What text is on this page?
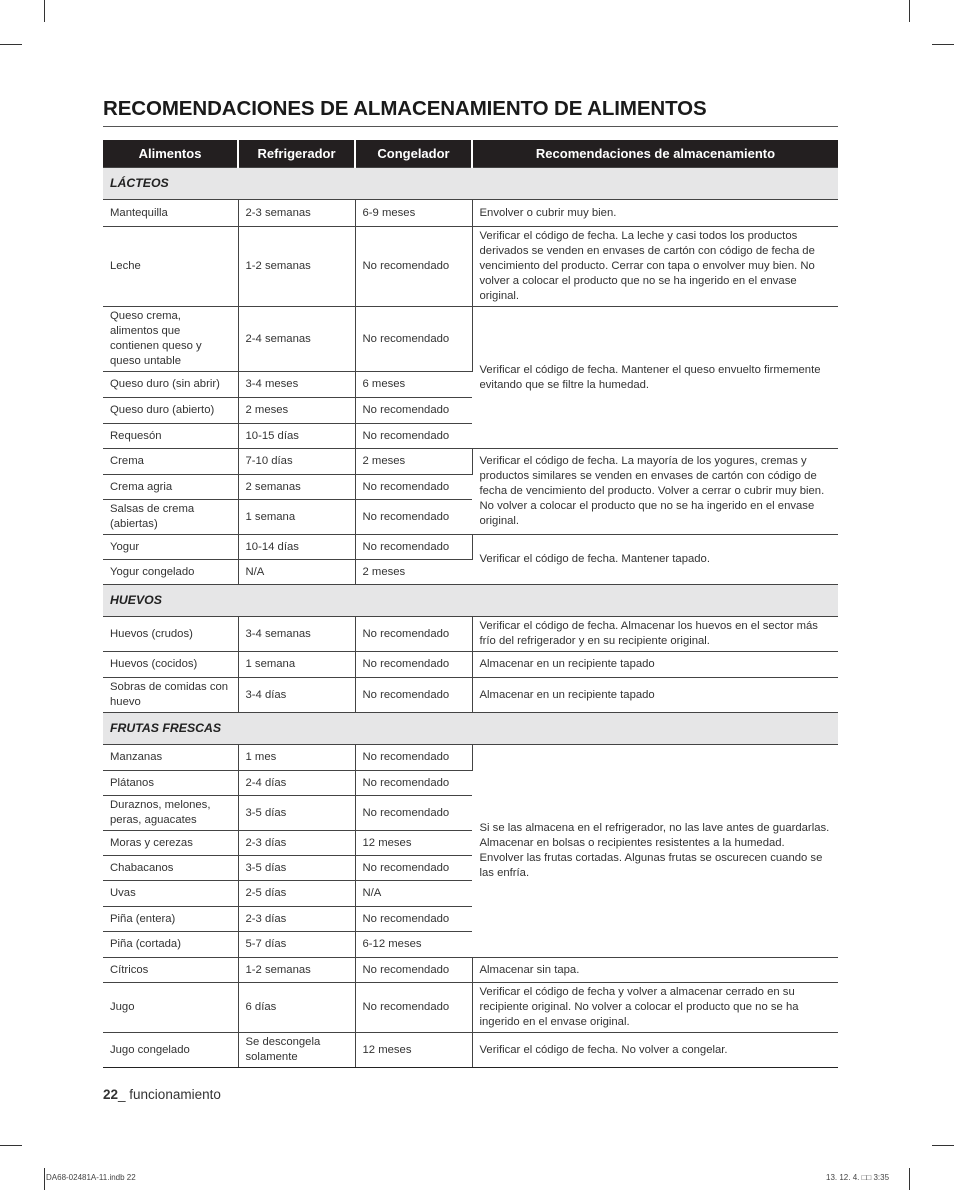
RECOMENDACIONES DE ALMACENAMIENTO DE ALIMENTOS
Alimentos	Refrigerador	Congelador	Recomendaciones de almacenamiento
LÁCTEOS			
Mantequilla	2-3 semanas	6-9 meses	Envolver o cubrir muy bien.
Leche	1-2 semanas	No recomendado	Verificar el código de fecha. La leche y casi todos los productos derivados se venden en envases de cartón con código de fecha de vencimiento del producto. Cerrar con tapa o envolver muy bien. No volver a colocar el producto que no se ha ingerido en el envase original.
Queso crema, alimentos que contienen queso y queso untable	2-4 semanas	No recomendado	Verificar el código de fecha. Mantener el queso envuelto firmemente evitando que se filtre la humedad.
Queso duro (sin abrir)	3-4 meses	6 meses	
Queso duro (abierto)	2 meses	No recomendado	
Requesón	10-15 días	No recomendado	
Crema	7-10 días	2 meses	Verificar el código de fecha. La mayoría de los yogures, cremas y productos similares se venden en envases de cartón con código de fecha de vencimiento del producto. Volver a cerrar o cubrir muy bien. No volver a colocar el producto que no se ha ingerido en el envase original.
Crema agria	2 semanas	No recomendado	
Salsas de crema (abiertas)	1 semana	No recomendado	
Yogur	10-14 días	No recomendado	Verificar el código de fecha. Mantener tapado.
Yogur congelado	N/A	2 meses	
HUEVOS			
Huevos (crudos)	3-4 semanas	No recomendado	Verificar el código de fecha. Almacenar los huevos en el sector más frío del refrigerador y en su recipiente original.
Huevos (cocidos)	1 semana	No recomendado	Almacenar en un recipiente tapado
Sobras de comidas con huevo	3-4 días	No recomendado	Almacenar en un recipiente tapado
FRUTAS FRESCAS			
Manzanas	1 mes	No recomendado	Si se las almacena en el refrigerador, no las lave antes de guardarlas. Almacenar en bolsas o recipientes resistentes a la humedad. Envolver las frutas cortadas. Algunas frutas se oscurecen cuando se las enfría.
Plátanos	2-4 días	No recomendado	
Duraznos, melones, peras, aguacates	3-5 días	No recomendado	
Moras y cerezas	2-3 días	12 meses	
Chabacanos	3-5 días	No recomendado	
Uvas	2-5 días	N/A	
Piña (entera)	2-3 días	No recomendado	
Piña (cortada)	5-7 días	6-12 meses	
Cítricos	1-2 semanas	No recomendado	Almacenar sin tapa.
Jugo	6 días	No recomendado	Verificar el código de fecha y volver a almacenar cerrado en su recipiente original. No volver a colocar el producto que no se ha ingerido en el envase original.
Jugo congelado	Se descongela solamente	12 meses	Verificar el código de fecha. No volver a congelar.
22_ funcionamiento
DA68-02481A-11.indb 22	13. 12. 4. □□ 3:35
